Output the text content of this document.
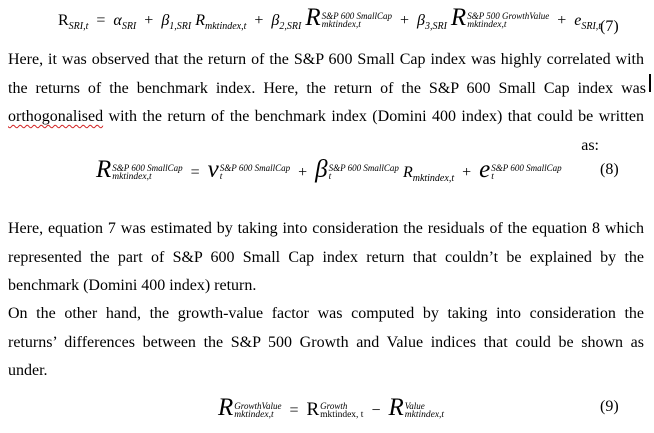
$R_{SRI,t} = \alpha_{SRI} + \beta_{1,SRI}$ $R_{mktindex,t} + \beta_{2,SRI}$ R S&P 600 SmallCap
mktindex,t	+ $\beta_{3,SRI}$ R S&P 500 GrowthValue
mktindex,t	+ $e_{SRI,t}$
(7)
Here, it was observed that the return of the S&P 600 Small Cap index was highly correlated with
the returns of the benchmark index. Here, the return of the S&P 600 Small Cap index was
orthogonalised with the return of the benchmark index (Domini 400 index) that could be written
as:
R S&P 600 SmallCap
mktindex,t	= ν S&P 600 SmallCap
t	+ β S&P 600 SmallCap
t	$R_{mktindex,t} + e$ S&P 600 SmallCap
t	(8)
Here, equation 7 was estimated by taking into consideration the residuals of the equation 8 which
represented the part of S&P 600 Small Cap index return that couldn’t be explained by the
benchmark (Domini 400 index) return.
On the other hand, the growth-value factor was computed by taking into consideration the
returns’ differences between the S&P 500 Growth and Value indices that could be shown as
under.
R GrowthValue
mktindex,t = R Growth
mktindex, t − R Value
mktindex,t
(9)
